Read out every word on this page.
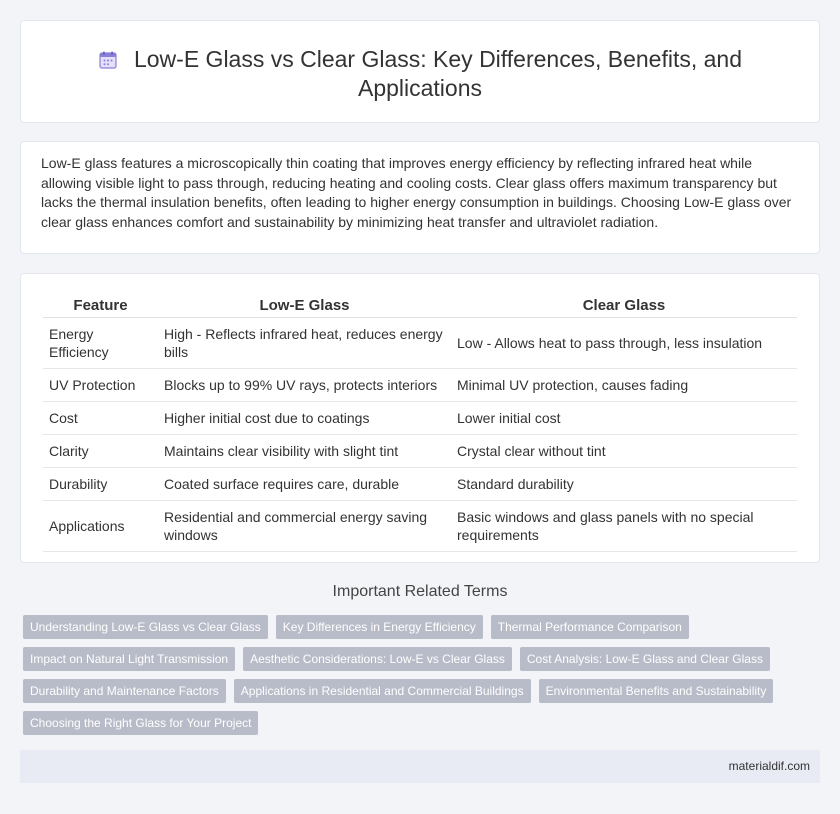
Low-E Glass vs Clear Glass: Key Differences, Benefits, and Applications

Low-E glass features a microscopically thin coating that improves energy efficiency by reflecting infrared heat while allowing visible light to pass through, reducing heating and cooling costs. Clear glass offers maximum transparency but lacks the thermal insulation benefits, often leading to higher energy consumption in buildings. Choosing Low-E glass over clear glass enhances comfort and sustainability by minimizing heat transfer and ultraviolet radiation.

Feature	Low-E Glass	Clear Glass
Energy Efficiency	High - Reflects infrared heat, reduces energy bills	Low - Allows heat to pass through, less insulation
UV Protection	Blocks up to 99% UV rays, protects interiors	Minimal UV protection, causes fading
Cost	Higher initial cost due to coatings	Lower initial cost
Clarity	Maintains clear visibility with slight tint	Crystal clear without tint
Durability	Coated surface requires care, durable	Standard durability
Applications	Residential and commercial energy saving windows	Basic windows and glass panels with no special requirements
Important Related Terms
Understanding Low-E Glass vs Clear Glass	Key Differences in Energy Efficiency	Thermal Performance Comparison
Impact on Natural Light Transmission	Aesthetic Considerations: Low-E vs Clear Glass	Cost Analysis: Low-E Glass and Clear Glass
Durability and Maintenance Factors	Applications in Residential and Commercial Buildings	Environmental Benefits and Sustainability
Choosing the Right Glass for Your Project
materialdif.com
